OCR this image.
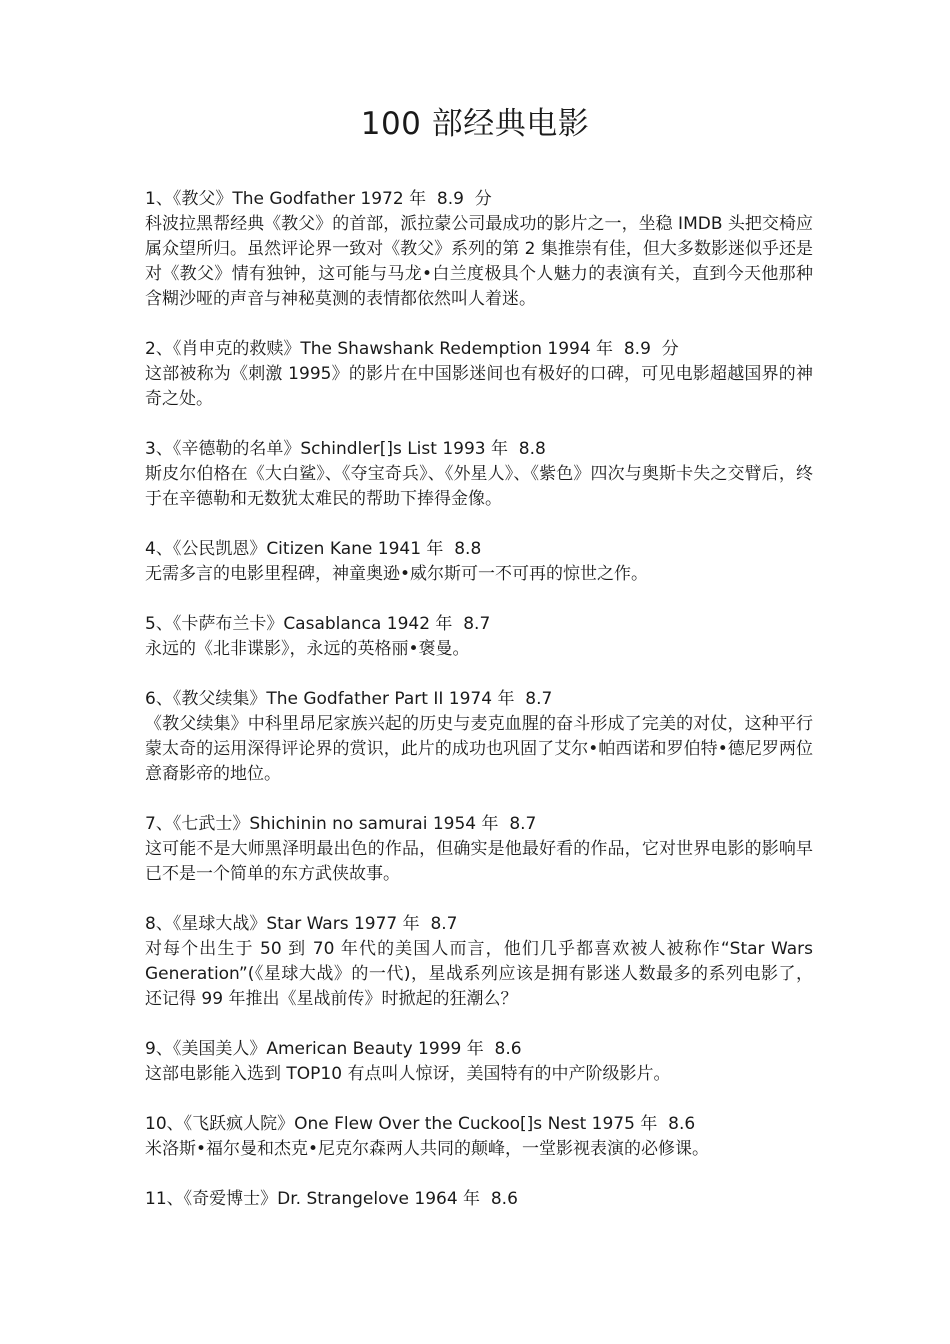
100 部经典电影

1、《教父》The Godfather 1972 年  8.9  分

科波拉黑帮经典《教父》的首部，派拉蒙公司最成功的影片之一，坐稳 IMDB 头把交椅应属众望所归。虽然评论界一致对《教父》系列的第 2 集推崇有佳，但大多数影迷似乎还是对《教父》情有独钟，这可能与马龙•白兰度极具个人魅力的表演有关，直到今天他那种含糊沙哑的声音与神秘莫测的表情都依然叫人着迷。

2、《肖申克的救赎》The Shawshank Redemption 1994 年  8.9  分

这部被称为《刺激 1995》的影片在中国影迷间也有极好的口碑，可见电影超越国界的神奇之处。

3、《辛德勒的名单》Schindler[]s List 1993 年  8.8

斯皮尔伯格在《大白鲨》、《夺宝奇兵》、《外星人》、《紫色》四次与奥斯卡失之交臂后，终于在辛德勒和无数犹太难民的帮助下捧得金像。

4、《公民凯恩》Citizen Kane 1941 年  8.8

无需多言的电影里程碑，神童奥逊•威尔斯可一不可再的惊世之作。

5、《卡萨布兰卡》Casablanca 1942 年  8.7

永远的《北非谍影》，永远的英格丽•褒曼。

6、《教父续集》The Godfather Part II 1974 年  8.7

《教父续集》中科里昂尼家族兴起的历史与麦克血腥的奋斗形成了完美的对仗，这种平行蒙太奇的运用深得评论界的赏识，此片的成功也巩固了艾尔•帕西诺和罗伯特•德尼罗两位意裔影帝的地位。

7、《七武士》Shichinin no samurai 1954 年  8.7

这可能不是大师黑泽明最出色的作品，但确实是他最好看的作品，它对世界电影的影响早已不是一个简单的东方武侠故事。

8、《星球大战》Star Wars 1977 年  8.7

对每个出生于 50 到 70 年代的美国人而言，他们几乎都喜欢被人被称作“Star Wars Generation”(《星球大战》的一代)，星战系列应该是拥有影迷人数最多的系列电影了，还记得 99 年推出《星战前传》时掀起的狂潮么？

9、《美国美人》American Beauty 1999 年  8.6

这部电影能入选到 TOP10 有点叫人惊讶，美国特有的中产阶级影片。

10、《飞跃疯人院》One Flew Over the Cuckoo[]s Nest 1975 年  8.6

米洛斯•福尔曼和杰克•尼克尔森两人共同的颠峰，一堂影视表演的必修课。

11、《奇爱博士》Dr. Strangelove 1964 年  8.6
